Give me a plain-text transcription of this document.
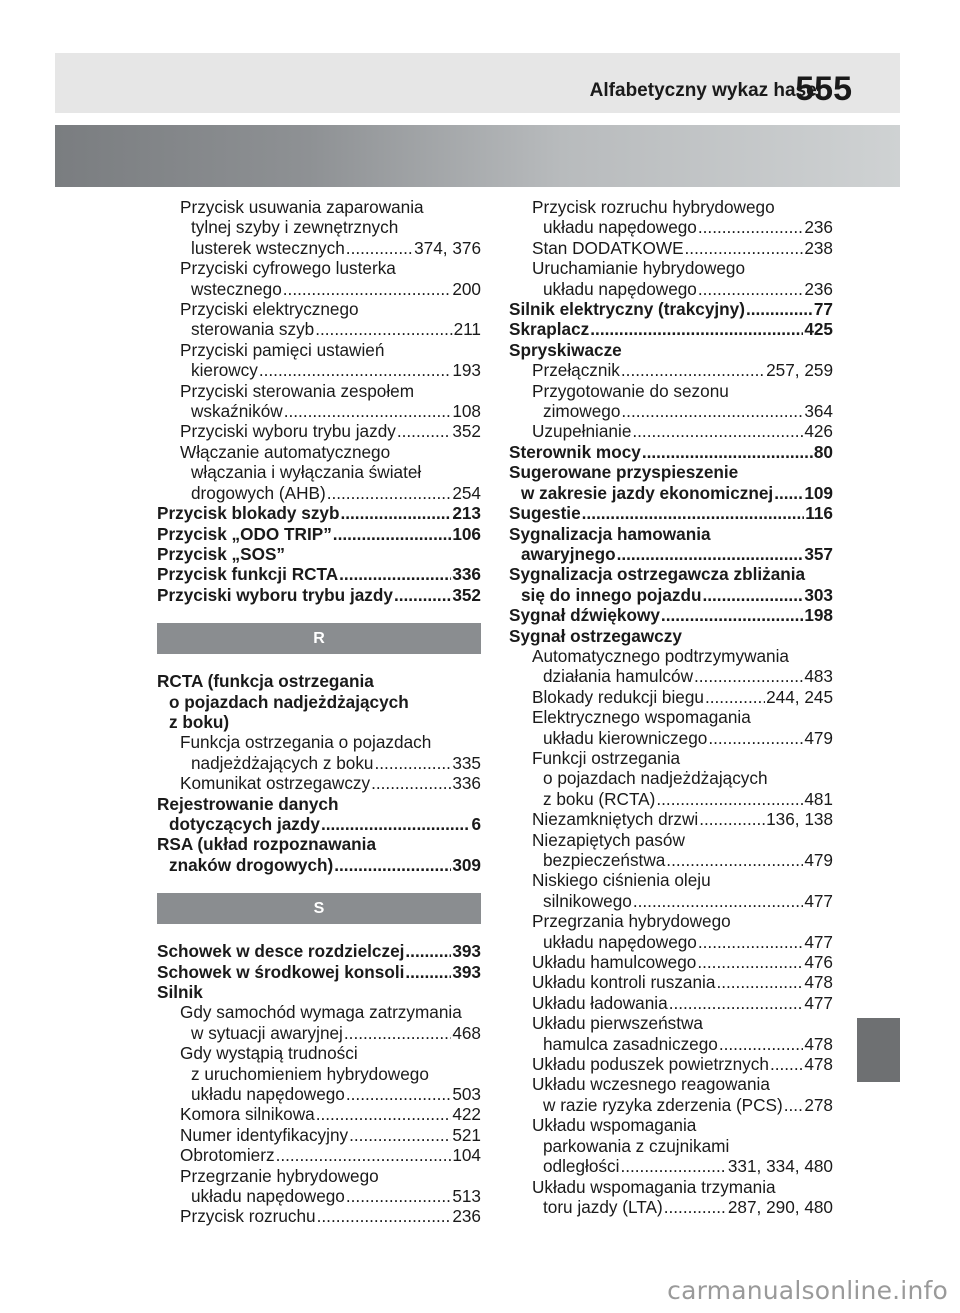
Alfabetyczny wykaz haseł
555
Przycisk usuwania zaparowania
tylnej szyby i zewnętrznych
lusterek wstecznych .....	374, 376
Przyciski cyfrowego lusterka
wstecznego .....	200
Przyciski elektrycznego
sterowania szyb .....	211
Przyciski pamięci ustawień
kierowcy .....	193
Przyciski sterowania zespołem
wskaźników .....	108
Przyciski wyboru trybu jazdy .....	352
Włączanie automatycznego
włączania i wyłączania świateł
drogowych (AHB) .....	254
Przycisk blokady szyb .....	213
Przycisk „ODO TRIP” .....	106
Przycisk „SOS”
Przycisk funkcji RCTA .....	336
Przyciski wyboru trybu jazdy .....	352
R
RCTA (funkcja ostrzegania
o pojazdach nadjeżdżających
z boku)
Funkcja ostrzegania o pojazdach
nadjeżdżających z boku .....	335
Komunikat ostrzegawczy .....	336
Rejestrowanie danych
dotyczących jazdy .....	6
RSA (układ rozpoznawania
znaków drogowych) .....	309
S
Schowek w desce rozdzielczej .....	393
Schowek w środkowej konsoli .....	393
Silnik
Gdy samochód wymaga zatrzymania
w sytuacji awaryjnej .....	468
Gdy wystąpią trudności
z uruchomieniem hybrydowego
układu napędowego .....	503
Komora silnikowa .....	422
Numer identyfikacyjny .....	521
Obrotomierz .....	104
Przegrzanie hybrydowego
układu napędowego .....	513
Przycisk rozruchu .....	236
Przycisk rozruchu hybrydowego
układu napędowego .....	236
Stan DODATKOWE .....	238
Uruchamianie hybrydowego
układu napędowego .....	236
Silnik elektryczny (trakcyjny) .....	77
Skraplacz .....	425
Spryskiwacze
Przełącznik .....	257, 259
Przygotowanie do sezonu
zimowego .....	364
Uzupełnianie .....	426
Sterownik mocy .....	80
Sugerowane przyspieszenie
w zakresie jazdy ekonomicznej ..... 109
Sugestie .....	116
Sygnalizacja hamowania
awaryjnego .....	357
Sygnalizacja ostrzegawcza zbliżania
się do innego pojazdu .....	303
Sygnał dźwiękowy .....	198
Sygnał ostrzegawczy
Automatycznego podtrzymywania
działania hamulców .....	483
Blokady redukcji biegu .....	244, 245
Elektrycznego wspomagania
układu kierowniczego .....	479
Funkcji ostrzegania
o pojazdach nadjeżdżających
z boku (RCTA) .....	481
Niezamkniętych drzwi .....	136, 138
Niezapiętych pasów
bezpieczeństwa .....	479
Niskiego ciśnienia oleju
silnikowego .....	477
Przegrzania hybrydowego
układu napędowego .....	477
Układu hamulcowego .....	476
Układu kontroli ruszania .....	478
Układu ładowania .....	477
Układu pierwszeństwa
hamulca zasadniczego .....	478
Układu poduszek powietrznych ..... 478
Układu wczesnego reagowania
w razie ryzyka zderzenia (PCS) ..... 278
Układu wspomagania
parkowania z czujnikami
odległości .....	331, 334, 480
Układu wspomagania trzymania
toru jazdy (LTA) .....	287, 290, 480
carmanualsonline.info
